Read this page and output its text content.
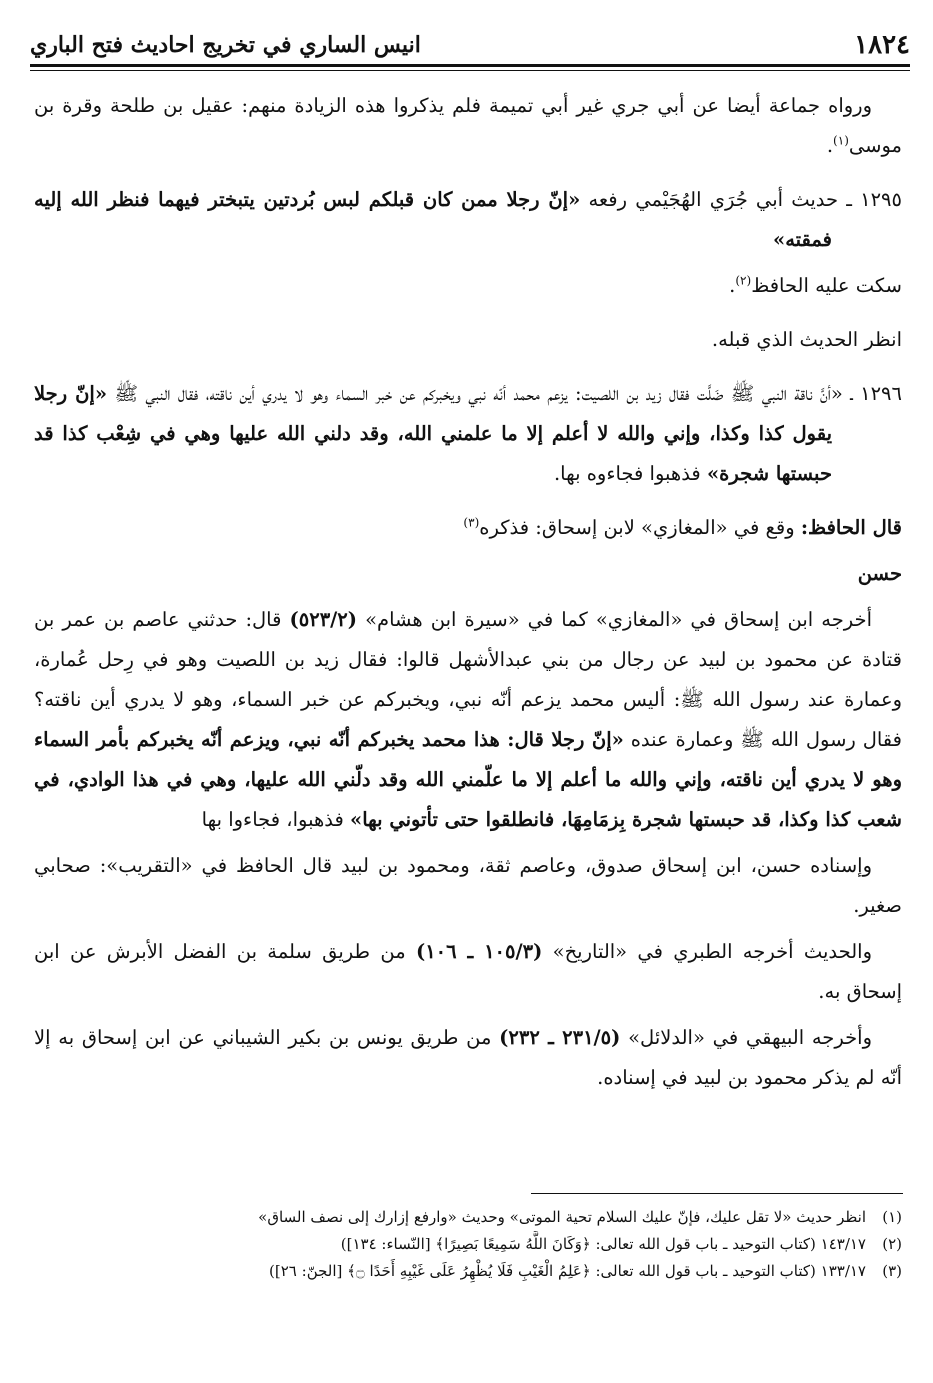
١٨٢٤
انيس الساري في تخريج احاديث فتح الباري

ورواه جماعة أيضا عن أبي جري غير أبي تميمة فلم يذكروا هذه الزيادة منهم: عقيل بن طلحة وقرة بن موسى$^{(١)}$.

١٢٩٥ ـ حديث أبي جُرَي الهُجَيْمي رفعه «إنّ رجلا ممن كان قبلكم لبس بُردتين يتبختر فيهما فنظر الله إليه فمقته»

سكت عليه الحافظ$^{(٢)}$.

انظر الحديث الذي قبله.

١٢٩٦ ـ «أنَّ ناقة النبي ﷺ ضَلَّت فقال زيد بن اللصيت: يزعم محمد أنّه نبي ويخبركم عن خبر السماء وهو لا يدري أين ناقته، فقال النبي ﷺ «إنّ رجلا يقول كذا وكذا، وإني والله لا أعلم إلا ما علمني الله، وقد دلني الله عليها وهي في شِعْب كذا قد حبستها شجرة» فذهبوا فجاءوه بها.

قال الحافظ: وقع في «المغازي» لابن إسحاق: فذكره$^{(٣)}$

حسن

أخرجه ابن إسحاق في «المغازي» كما في «سيرة ابن هشام» (٥٢٣/٢) قال: حدثني عاصم بن عمر بن قتادة عن محمود بن لبيد عن رجال من بني عبدالأشهل قالوا: فقال زيد بن اللصيت وهو في رِحل عُمارة، وعمارة عند رسول الله ﷺ: أليس محمد يزعم أنّه نبي، ويخبركم عن خبر السماء، وهو لا يدري أين ناقته؟ فقال رسول الله ﷺ وعمارة عنده «إنّ رجلا قال: هذا محمد يخبركم أنّه نبي، ويزعم أنّه يخبركم بأمر السماء وهو لا يدري أين ناقته، وإني والله ما أعلم إلا ما علّمني الله وقد دلّني الله عليها، وهي في هذا الوادي، في شعب كذا وكذا، قد حبستها شجرة بِزمَامِهَا، فانطلقوا حتى تأتوني بها» فذهبوا، فجاءوا بها

وإسناده حسن، ابن إسحاق صدوق، وعاصم ثقة، ومحمود بن لبيد قال الحافظ في «التقريب»: صحابي صغير.

والحديث أخرجه الطبري في «التاريخ» (١٠٥/٣ ـ ١٠٦) من طريق سلمة بن الفضل الأبرش عن ابن إسحاق به.

وأخرجه البيهقي في «الدلائل» (٢٣١/٥ ـ ٢٣٢) من طريق يونس بن بكير الشيباني عن ابن إسحاق به إلا أنّه لم يذكر محمود بن لبيد في إسناده.

(١)انظر حديث «لا تقل عليك، فإنّ عليك السلام تحية الموتى» وحديث «وارفع إزارك إلى نصف الساق»
(٢)١٤٣/١٧ (كتاب التوحيد ـ باب قول الله تعالى: ﴿وَكَانَ اللَّهُ سَمِيعًا بَصِيرًا﴾ [النّساء: ١٣٤])
(٣)١٣٣/١٧ (كتاب التوحيد ـ باب قول الله تعالى: ﴿عَلِمُ الْغَيْبِ فَلَا يُظْهِرُ عَلَى غَيْبِهِ أَحَدًا ۝﴾ [الجنّ: ٢٦])
